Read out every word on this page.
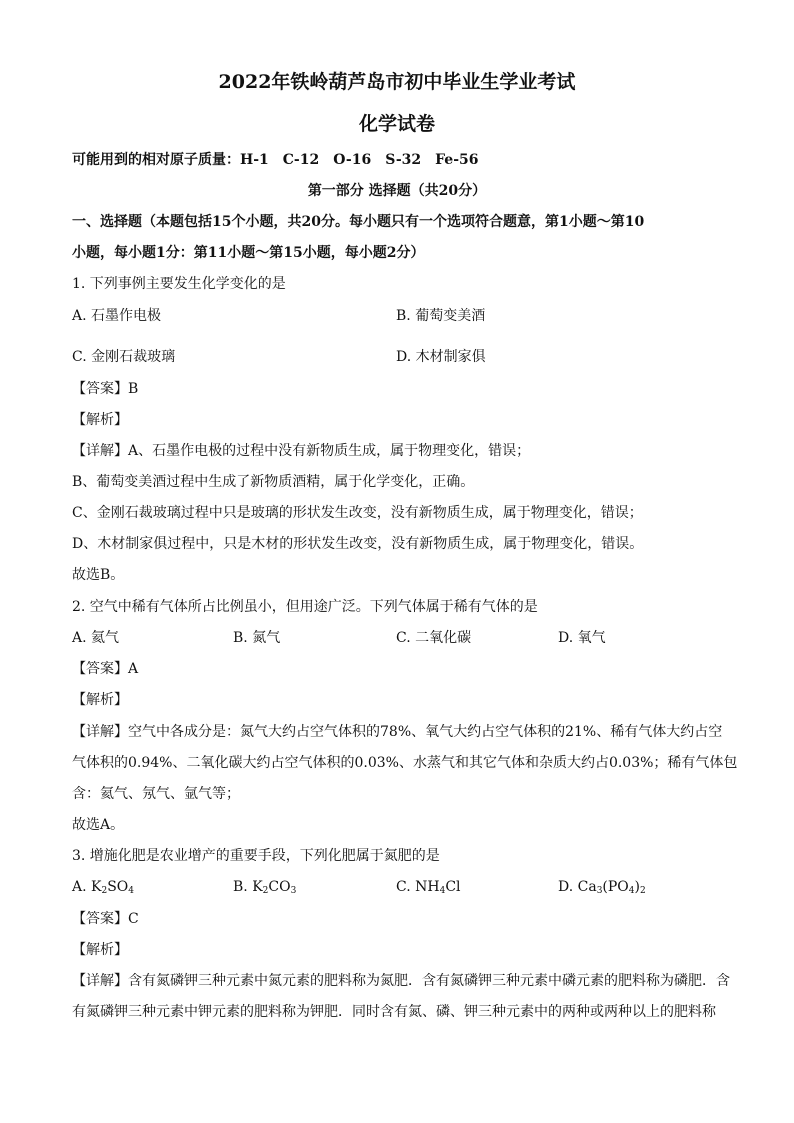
2022年铁岭葫芦岛市初中毕业生学业考试
化学试卷
可能用到的相对原子质量：H-1　C-12　O-16　S-32　Fe-56
第一部分 选择题（共20分）
一、选择题（本题包括15个小题，共20分。每小题只有一个选项符合题意，第1小题～第10
小题，每小题1分：第11小题～第15小题，每小题2分）
1. 下列事例主要发生化学变化的是
A. 石墨作电极	B. 葡萄变美酒
C. 金刚石裁玻璃	D. 木材制家俱
【答案】B
【解析】
【详解】A、石墨作电极的过程中没有新物质生成，属于物理变化，错误；
B、葡萄变美酒过程中生成了新物质酒精，属于化学变化，正确。
C、金刚石裁玻璃过程中只是玻璃的形状发生改变，没有新物质生成，属于物理变化，错误；
D、木材制家俱过程中，只是木材的形状发生改变，没有新物质生成，属于物理变化，错误。
故选B。
2. 空气中稀有气体所占比例虽小，但用途广泛。下列气体属于稀有气体的是
A. 氦气	B. 氮气	C. 二氧化碳	D. 氧气
【答案】A
【解析】
【详解】空气中各成分是：氮气大约占空气体积的78%、氧气大约占空气体积的21%、稀有气体大约占空
气体积的0.94%、二氧化碳大约占空气体积的0.03%、水蒸气和其它气体和杂质大约占0.03%；稀有气体包
含：氦气、氖气、氩气等；
故选A。
3. 增施化肥是农业增产的重要手段，下列化肥属于氮肥的是
A. $K_2SO_4$	B. $K_2CO_3$	C. $NH_4Cl$	D. $Ca_3(PO_4)_2$
【答案】C
【解析】
【详解】含有氮磷钾三种元素中氮元素的肥料称为氮肥．含有氮磷钾三种元素中磷元素的肥料称为磷肥．含
有氮磷钾三种元素中钾元素的肥料称为钾肥．同时含有氮、磷、钾三种元素中的两种或两种以上的肥料称
